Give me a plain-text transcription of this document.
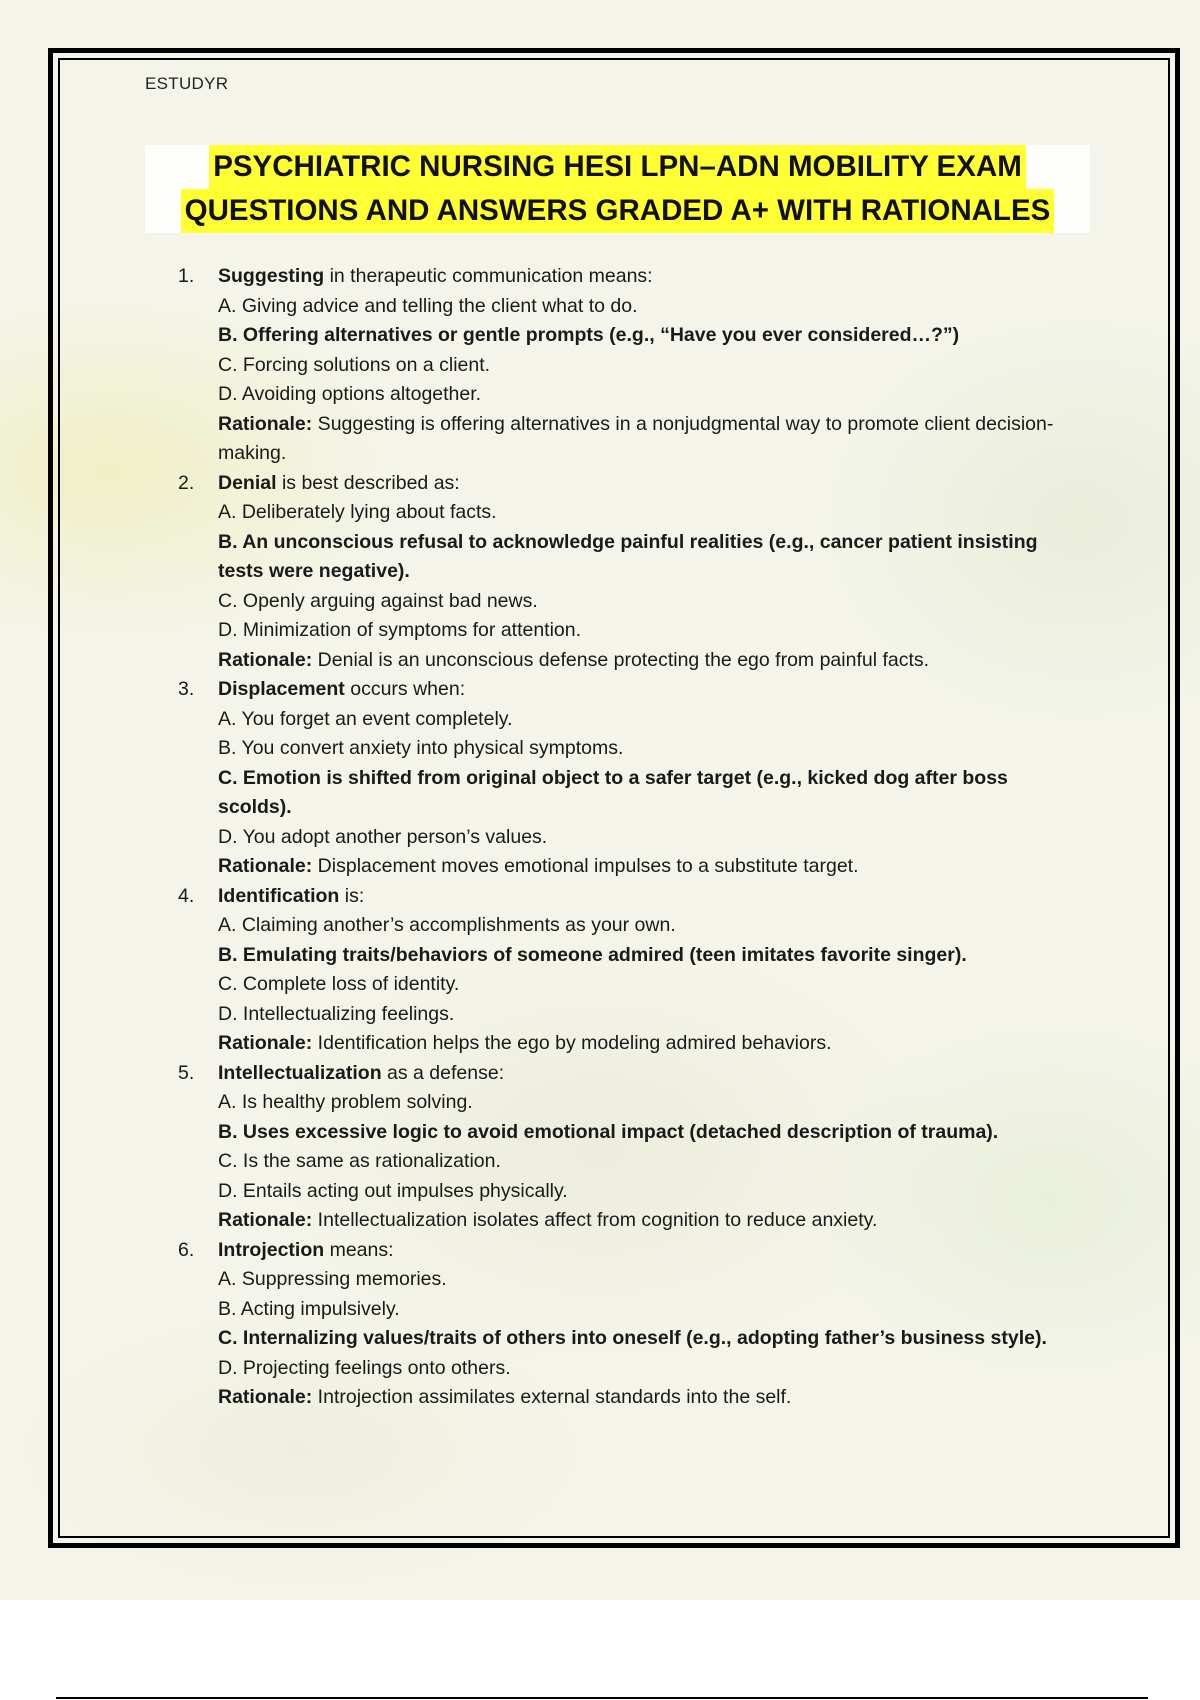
ESTUDYR
PSYCHIATRIC NURSING HESI LPN–ADN MOBILITY EXAM
QUESTIONS AND ANSWERS GRADED A+ WITH RATIONALES
1. Suggesting in therapeutic communication means:
A. Giving advice and telling the client what to do.
B. Offering alternatives or gentle prompts (e.g., “Have you ever considered…?”)
C. Forcing solutions on a client.
D. Avoiding options altogether.
Rationale: Suggesting is offering alternatives in a nonjudgmental way to promote client decision-making.
2. Denial is best described as:
A. Deliberately lying about facts.
B. An unconscious refusal to acknowledge painful realities (e.g., cancer patient insisting tests were negative).
C. Openly arguing against bad news.
D. Minimization of symptoms for attention.
Rationale: Denial is an unconscious defense protecting the ego from painful facts.
3. Displacement occurs when:
A. You forget an event completely.
B. You convert anxiety into physical symptoms.
C. Emotion is shifted from original object to a safer target (e.g., kicked dog after boss scolds).
D. You adopt another person’s values.
Rationale: Displacement moves emotional impulses to a substitute target.
4. Identification is:
A. Claiming another’s accomplishments as your own.
B. Emulating traits/behaviors of someone admired (teen imitates favorite singer).
C. Complete loss of identity.
D. Intellectualizing feelings.
Rationale: Identification helps the ego by modeling admired behaviors.
5. Intellectualization as a defense:
A. Is healthy problem solving.
B. Uses excessive logic to avoid emotional impact (detached description of trauma).
C. Is the same as rationalization.
D. Entails acting out impulses physically.
Rationale: Intellectualization isolates affect from cognition to reduce anxiety.
6. Introjection means:
A. Suppressing memories.
B. Acting impulsively.
C. Internalizing values/traits of others into oneself (e.g., adopting father’s business style).
D. Projecting feelings onto others.
Rationale: Introjection assimilates external standards into the self.
